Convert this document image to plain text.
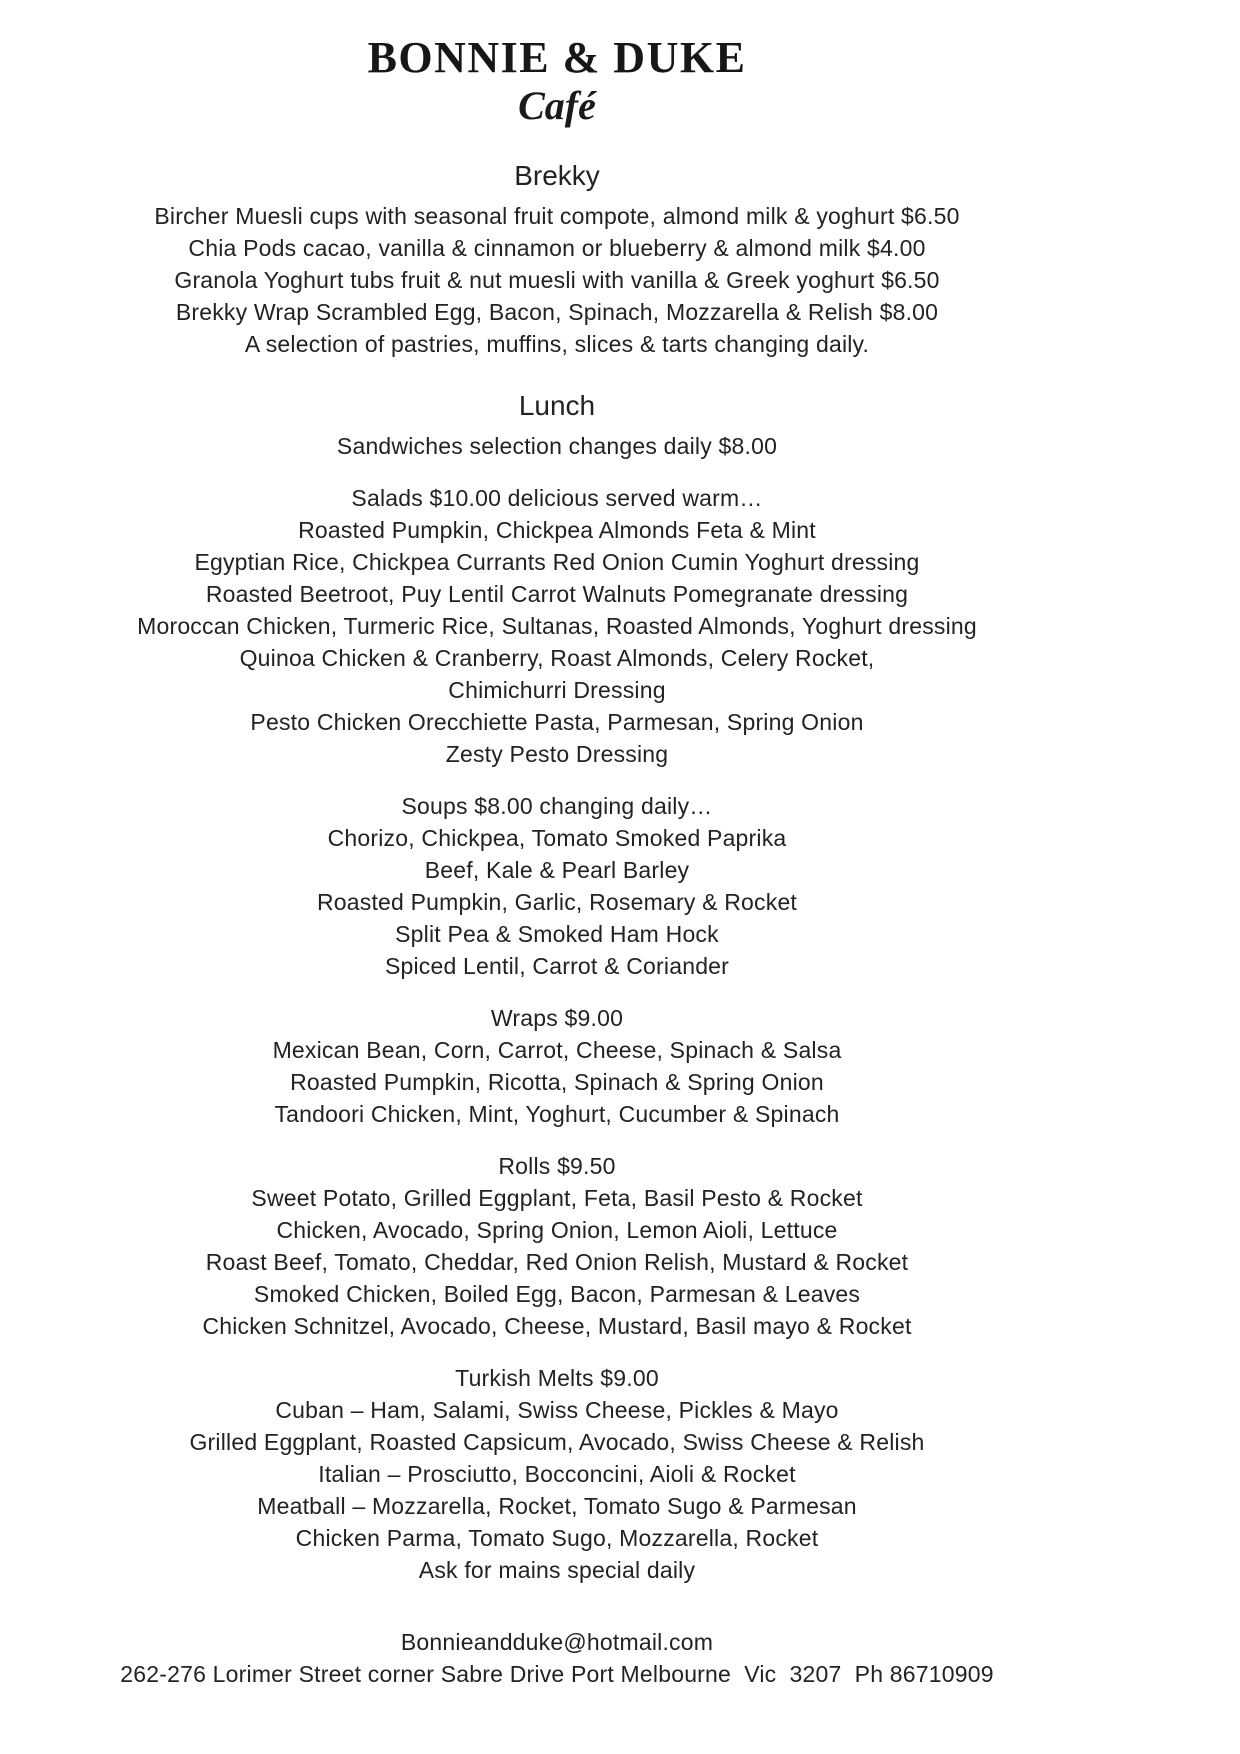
BONNIE & DUKE
Café
Brekky
Bircher Muesli cups with seasonal fruit compote, almond milk & yoghurt $6.50
Chia Pods cacao, vanilla & cinnamon or blueberry & almond milk $4.00
Granola Yoghurt tubs fruit & nut muesli with vanilla & Greek yoghurt $6.50
Brekky Wrap Scrambled Egg, Bacon, Spinach, Mozzarella & Relish $8.00
A selection of pastries, muffins, slices & tarts changing daily.
Lunch
Sandwiches selection changes daily $8.00
Salads $10.00 delicious served warm…
Roasted Pumpkin, Chickpea Almonds Feta & Mint
Egyptian Rice, Chickpea Currants Red Onion Cumin Yoghurt dressing
Roasted Beetroot, Puy Lentil Carrot Walnuts Pomegranate dressing
Moroccan Chicken, Turmeric Rice, Sultanas, Roasted Almonds, Yoghurt dressing
Quinoa Chicken & Cranberry, Roast Almonds, Celery Rocket,
Chimichurri Dressing
Pesto Chicken Orecchiette Pasta, Parmesan, Spring Onion
Zesty Pesto Dressing
Soups $8.00 changing daily…
Chorizo, Chickpea, Tomato Smoked Paprika
Beef, Kale & Pearl Barley
Roasted Pumpkin, Garlic, Rosemary & Rocket
Split Pea & Smoked Ham Hock
Spiced Lentil, Carrot & Coriander
Wraps $9.00
Mexican Bean, Corn, Carrot, Cheese, Spinach & Salsa
Roasted Pumpkin, Ricotta, Spinach & Spring Onion
Tandoori Chicken, Mint, Yoghurt, Cucumber & Spinach
Rolls $9.50
Sweet Potato, Grilled Eggplant, Feta, Basil Pesto & Rocket
Chicken, Avocado, Spring Onion, Lemon Aioli, Lettuce
Roast Beef, Tomato, Cheddar, Red Onion Relish, Mustard & Rocket
Smoked Chicken, Boiled Egg, Bacon, Parmesan & Leaves
Chicken Schnitzel, Avocado, Cheese, Mustard, Basil mayo & Rocket
Turkish Melts $9.00
Cuban – Ham, Salami, Swiss Cheese, Pickles & Mayo
Grilled Eggplant, Roasted Capsicum, Avocado, Swiss Cheese & Relish
Italian – Prosciutto, Bocconcini, Aioli & Rocket
Meatball – Mozzarella, Rocket, Tomato Sugo & Parmesan
Chicken Parma, Tomato Sugo, Mozzarella, Rocket
Ask for mains special daily
Bonnieandduke@hotmail.com
262-276 Lorimer Street corner Sabre Drive Port Melbourne  Vic  3207  Ph 86710909
